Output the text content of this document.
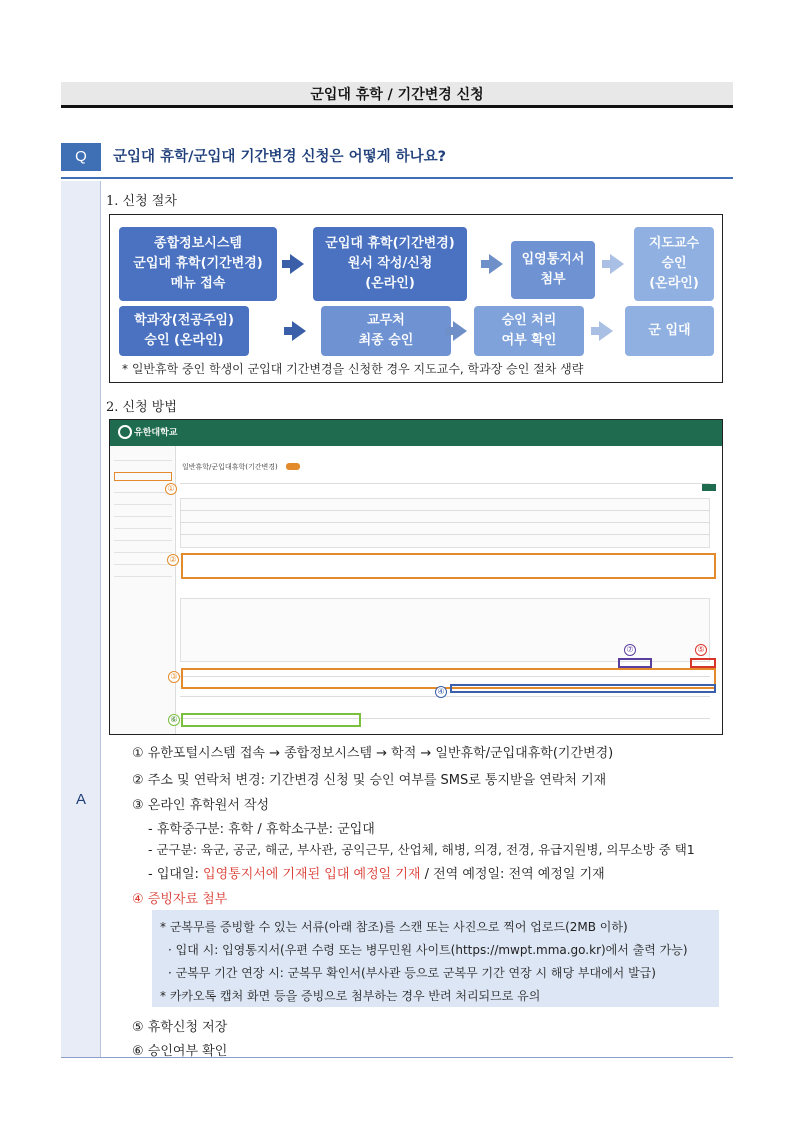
군입대 휴학 / 기간변경 신청
Q	군입대 휴학/군입대 기간변경 신청은 어떻게 하나요?
A
1. 신청 절차
종합정보시스템
군입대 휴학(기간변경)
메뉴 접속
군입대 휴학(기간변경)
원서 작성/신청
(온라인)
입영통지서
첨부
지도교수
승인
(온라인)
학과장(전공주임)
승인 (온라인)
교무처
최종 승인
승인 처리
여부 확인
군 입대
* 일반휴학 중인 학생이 군입대 기간변경을 신청한 경우 지도교수, 학과장 승인 절차 생략
2. 신청 방법
유한대학교
①
일반휴학/군입대휴학(기간변경)
②
③
④
⑤
⑥
⑦
① 유한포털시스템 접속 → 종합정보시스템 → 학적 → 일반휴학/군입대휴학(기간변경)
② 주소 및 연락처 변경: 기간변경 신청 및 승인 여부를 SMS로 통지받을 연락처 기재
③ 온라인 휴학원서 작성
- 휴학중구분: 휴학 / 휴학소구분: 군입대
- 군구분: 육군, 공군, 해군, 부사관, 공익근무, 산업체, 해병, 의경, 전경, 유급지원병, 의무소방 중 택1
- 입대일: 입영통지서에 기재된 입대 예정일 기재 / 전역 예정일: 전역 예정일 기재
④ 증빙자료 첨부
⑤ 휴학신청 저장
⑥ 승인여부 확인
* 군복무를 증빙할 수 있는 서류(아래 참조)를 스캔 또는 사진으로 찍어 업로드(2MB 이하)
· 입대 시: 입영통지서(우편 수령 또는 병무민원 사이트(https://mwpt.mma.go.kr)에서 출력 가능)
· 군복무 기간 연장 시: 군복무 확인서(부사관 등으로 군복무 기간 연장 시 해당 부대에서 발급)
* 카카오톡 캡처 화면 등을 증빙으로 첨부하는 경우 반려 처리되므로 유의
